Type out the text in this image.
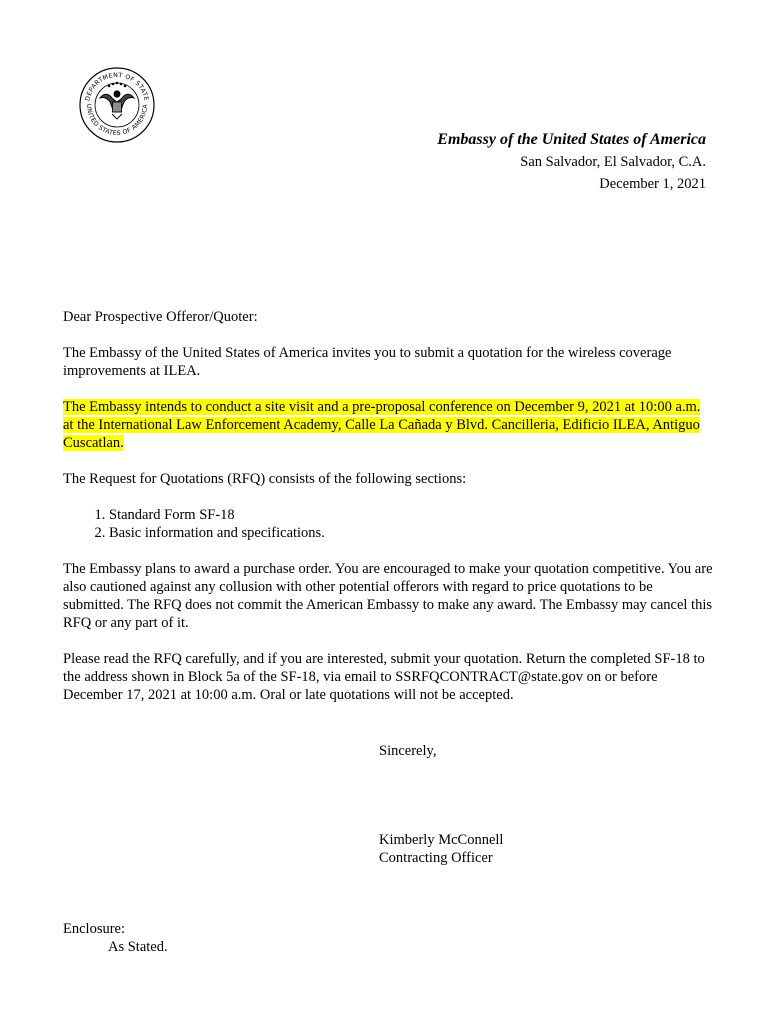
DEPARTMENT OF STATE
UNITED STATES OF AMERICA
Embassy of the United States of America
San Salvador, El Salvador, C.A.
December 1, 2021

Dear Prospective Offeror/Quoter:

The Embassy of the United States of America invites you to submit a quotation for the wireless coverage improvements at ILEA.

The Embassy intends to conduct a site visit and a pre-proposal conference on December 9, 2021 at 10:00 a.m. at the International Law Enforcement Academy, Calle La Cañada y Blvd. Cancilleria, Edificio ILEA, Antiguo Cuscatlan.

The Request for Quotations (RFQ) consists of the following sections:

1. Standard Form SF-18
2. Basic information and specifications.

The Embassy plans to award a purchase order. You are encouraged to make your quotation competitive. You are also cautioned against any collusion with other potential offerors with regard to price quotations to be submitted. The RFQ does not commit the American Embassy to make any award. The Embassy may cancel this RFQ or any part of it.

Please read the RFQ carefully, and if you are interested, submit your quotation. Return the completed SF-18 to the address shown in Block 5a of the SF-18, via email to SSRFQCONTRACT@state.gov on or before December 17, 2021 at 10:00 a.m. Oral or late quotations will not be accepted.

Sincerely,
Kimberly McConnell
Contracting Officer
Enclosure:
As Stated.
